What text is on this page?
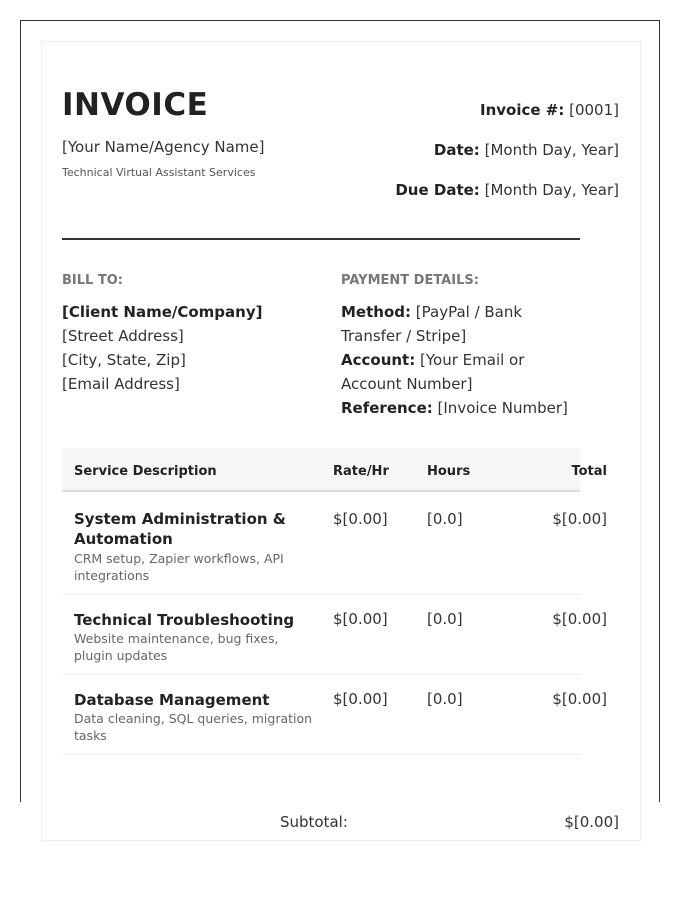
INVOICE
[Your Name/Agency Name]
Technical Virtual Assistant Services
Invoice #: [0001]
Date: [Month Day, Year]
Due Date: [Month Day, Year]
BILL TO:	PAYMENT DETAILS:
[Client Name/Company]
[Street Address]
[City, State, Zip]
[Email Address]
Method: [PayPal / Bank Transfer / Stripe]
Account: [Your Email or Account Number]
Reference: [Invoice Number]
Service Description	Rate/Hr	Hours	Total
System Administration & Automation
CRM setup, Zapier workflows, API integrations
$[0.00]	[0.0]	$[0.00]
Technical Troubleshooting
Website maintenance, bug fixes, plugin updates
$[0.00]	[0.0]	$[0.00]
Database Management
Data cleaning, SQL queries, migration tasks
$[0.00]	[0.0]	$[0.00]
Subtotal:	$[0.00]
